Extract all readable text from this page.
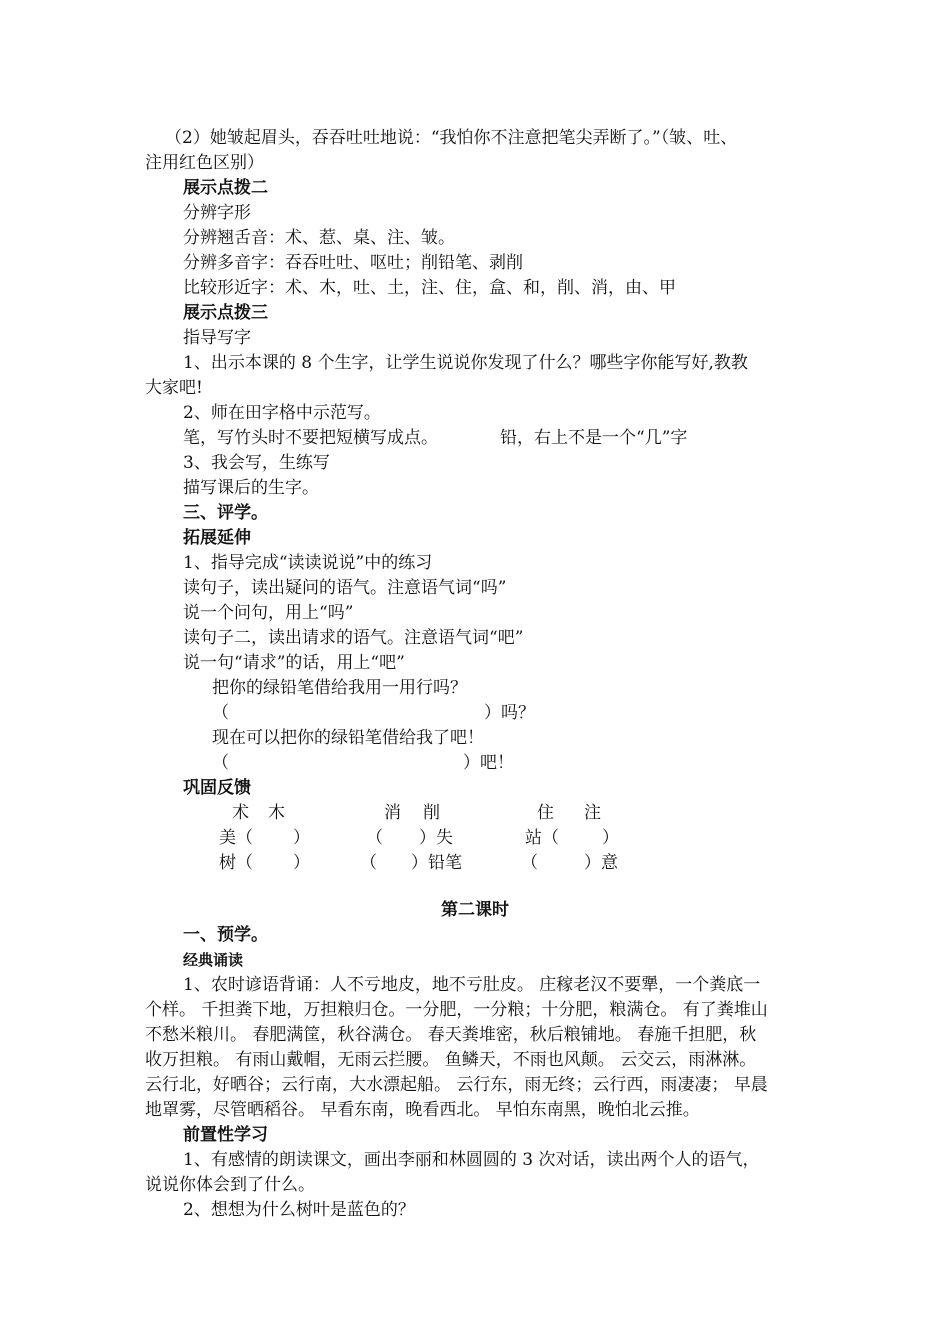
（2）她皱起眉头，吞吞吐吐地说：“我怕你不注意把笔尖弄断了。”（皱、吐、
注用红色区别）
展示点拨二
分辨字形
分辨翘舌音：术、惹、桌、注、皱。
分辨多音字：吞吞吐吐、呕吐；削铅笔、剥削
比较形近字：术、木，吐、土，注、住，盒、和，削、消，由、甲
展示点拨三
指导写字
1、出示本课的 8 个生字，让学生说说你发现了什么？哪些字你能写好,教教
大家吧!
2、师在田字格中示范写。
笔，写竹头时不要把短横写成点。	铅，右上不是一个“几”字
3、我会写，生练写
描写课后的生字。
三、评学。
拓展延伸
1、指导完成“读读说说”中的练习
读句子，读出疑问的语气。注意语气词“吗”
说一个问句，用上“吗”
读句子二，读出请求的语气。注意语气词“吧”
说一句“请求”的话，用上“吧”
把你的绿铅笔借给我用一用行吗？
（	）吗？
现在可以把你的绿铅笔借给我了吧！
（	）吧！
巩固反馈
术 木	消 削	住 注
美（ ）	（ ）失	站（	）
树（ ）	（ ）铅笔	（	）意
第二课时
一、预学。
经典诵读
1、农时谚语背诵：人不亏地皮，地不亏肚皮。 庄稼老汉不要犟，一个粪底一
个样。 千担粪下地，万担粮归仓。一分肥，一分粮；十分肥，粮满仓。 有了粪堆山
不愁米粮川。 春肥满筐，秋谷满仓。 春天粪堆密，秋后粮铺地。 春施千担肥，秋
收万担粮。 有雨山戴帽，无雨云拦腰。 鱼鳞天，不雨也风颠。 云交云，雨淋淋。
云行北，好晒谷；云行南，大水漂起船。 云行东，雨无终；云行西，雨凄凄； 早晨
地罩雾，尽管晒稻谷。 早看东南，晚看西北。 早怕东南黑，晚怕北云推。
前置性学习
1、有感情的朗读课文，画出李丽和林圆圆的 3 次对话，读出两个人的语气，
说说你体会到了什么。
2、想想为什么树叶是蓝色的？
